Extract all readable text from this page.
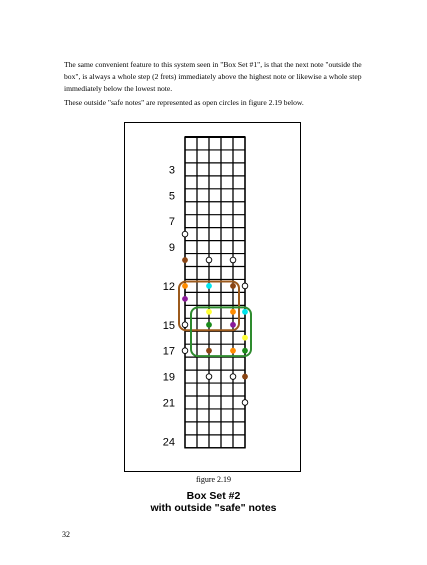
The same convenient feature to this system seen in "Box Set #1", is that the next note "outside the box", is always a whole step (2 frets) immediately above the highest note or likewise a whole step immediately below the lowest note.

These outside "safe notes" are represented as open circles in figure 2.19 below.

3
5
7
9
12
15
17
19
21
24
figure 2.19
Box Set #2
with outside "safe" notes
32
